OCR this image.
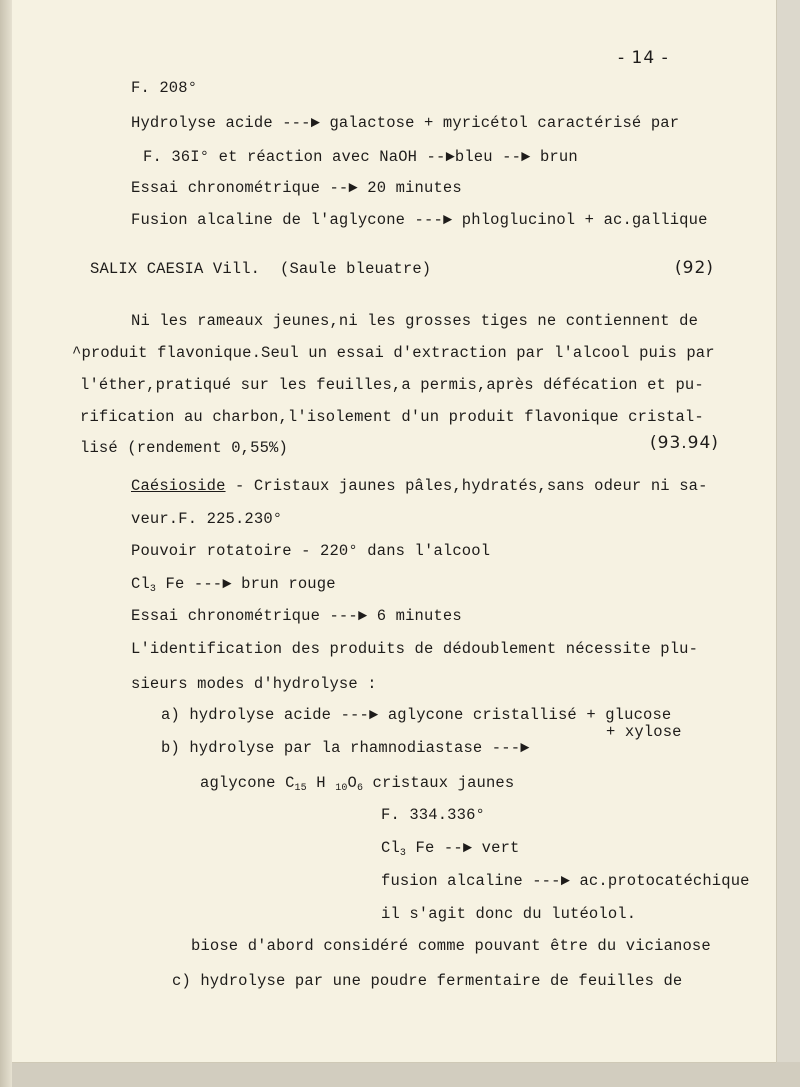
- 14 -
F. 208°
Hydrolyse acide ---► galactose + myricétol caractérisé par
F. 36I° et réaction avec NaOH --►bleu --► brun
Essai chronométrique --► 20 minutes
Fusion alcaline de l'aglycone ---► phloglucinol + ac.gallique
SALIX CAESIA Vill. (Saule bleuatre)	(92)
Ni les rameaux jeunes,ni les grosses tiges ne contiennent de
^produit flavonique.Seul un essai d'extraction par l'alcool puis par
l'éther,pratiqué sur les feuilles,a permis,après défécation et pu-
rification au charbon,l'isolement d'un produit flavonique cristal-
lisé (rendement 0,55%)	(93.94)
Caésioside - Cristaux jaunes pâles,hydratés,sans odeur ni sa-
veur.F. 225.230°
Pouvoir rotatoire - 220° dans l'alcool
$Cl_3$ Fe ---► brun rouge
Essai chronométrique ---► 6 minutes
L'identification des produits de dédoublement nécessite plu-
sieurs modes d'hydrolyse :
a) hydrolyse acide ---► aglycone cristallisé + glucose
+ xylose
b) hydrolyse par la rhamnodiastase ---►
aglycone $C_{15}$ H $_{10}O_6$ cristaux jaunes
F. 334.336°
$Cl_3$ Fe --► vert
fusion alcaline ---► ac.protocatéchique
il s'agit donc du lutéolol.
biose d'abord considéré comme pouvant être du vicianose
c) hydrolyse par une poudre fermentaire de feuilles de
